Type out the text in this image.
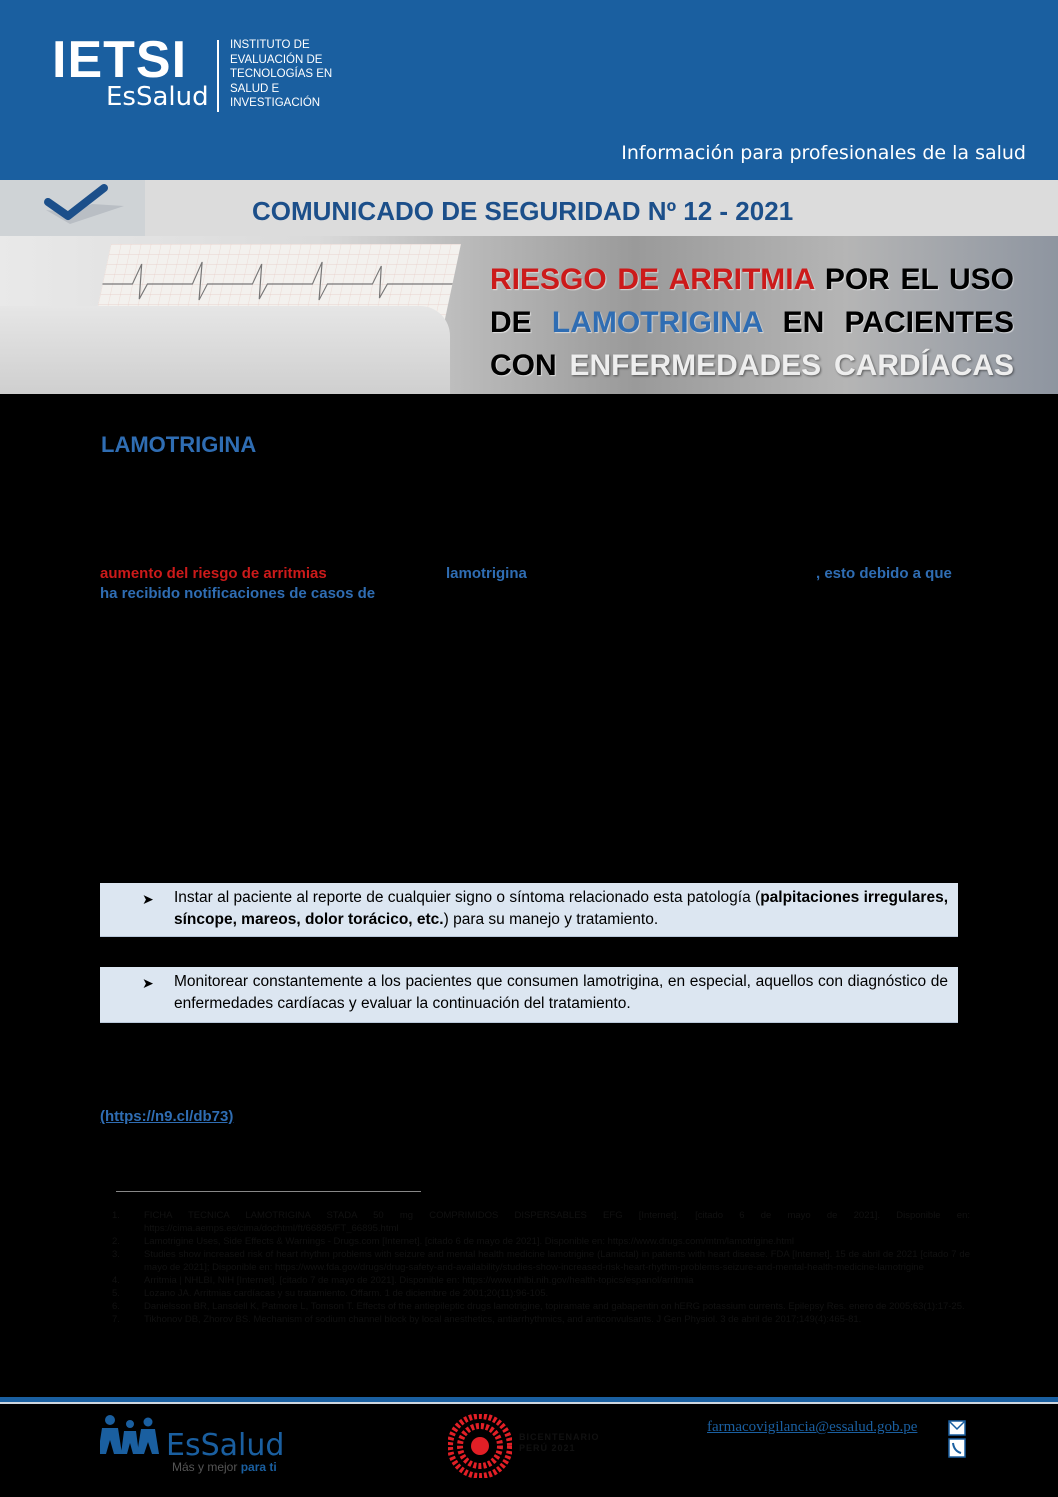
IETSI
EsSalud
INSTITUTO DE
EVALUACIÓN DE
TECNOLOGÍAS EN
SALUD E
INVESTIGACIÓN
Información para profesionales de la salud
COMUNICADO DE SEGURIDAD Nº 12 - 2021
RIESGO DE ARRITMIA POR EL USO DE LAMOTRIGINA EN PACIENTES CON ENFERMEDADES CARDÍACAS
LAMOTRIGINA
aumento del riesgo de arritmias	lamotrigina	, esto debido a que
ha recibido notificaciones de casos de
➤ Instar al paciente al reporte de cualquier signo o síntoma relacionado esta patología (palpitaciones irregulares, síncope, mareos, dolor torácico, etc.) para su manejo y tratamiento.
➤ Monitorear constantemente a los pacientes que consumen lamotrigina, en especial, aquellos con diagnóstico de enfermedades cardíacas y evaluar la continuación del tratamiento.
(https://n9.cl/db73)
1.	FICHA TECNICA LAMOTRIGINA STADA 50 mg COMPRIMIDOS DISPERSABLES EFG [Internet]. [citado 6 de mayo de 2021]. Disponible en: https://cima.aemps.es/cima/dochtml/ft/66895/FT_66895.html
2.	Lamotrigine Uses, Side Effects & Warnings - Drugs.com [Internet]. [citado 6 de mayo de 2021]. Disponible en: https://www.drugs.com/mtm/lamotrigine.html
3.	Studies show increased risk of heart rhythm problems with seizure and mental health medicine lamotrigine (Lamictal) in patients with heart disease. FDA [Internet]. 15 de abril de 2021 [citado 7 de mayo de 2021]; Disponible en: https://www.fda.gov/drugs/drug-safety-and-availability/studies-show-increased-risk-heart-rhythm-problems-seizure-and-mental-health-medicine-lamotrigine
4.	Arritmia | NHLBI, NIH [Internet]. [citado 7 de mayo de 2021]. Disponible en: https://www.nhlbi.nih.gov/health-topics/espanol/arritmia
5.	Lozano JA. Arritmias cardíacas y su tratamiento. Offarm. 1 de diciembre de 2001;20(11):96-105.
6.	Danielsson BR, Lansdell K, Patmore L, Tomson T. Effects of the antiepileptic drugs lamotrigine, topiramate and gabapentin on hERG potassium currents. Epilepsy Res. enero de 2005;63(1):17-25.
7.	Tikhonov DB, Zhorov BS. Mechanism of sodium channel block by local anesthetics, antiarrhythmics, and anticonvulsants. J Gen Physiol. 3 de abril de 2017;149(4):465-81.
EsSalud
Más y mejor para ti
BICENTENARIO
PERÚ 2021
farmacovigilancia@essalud.gob.pe
